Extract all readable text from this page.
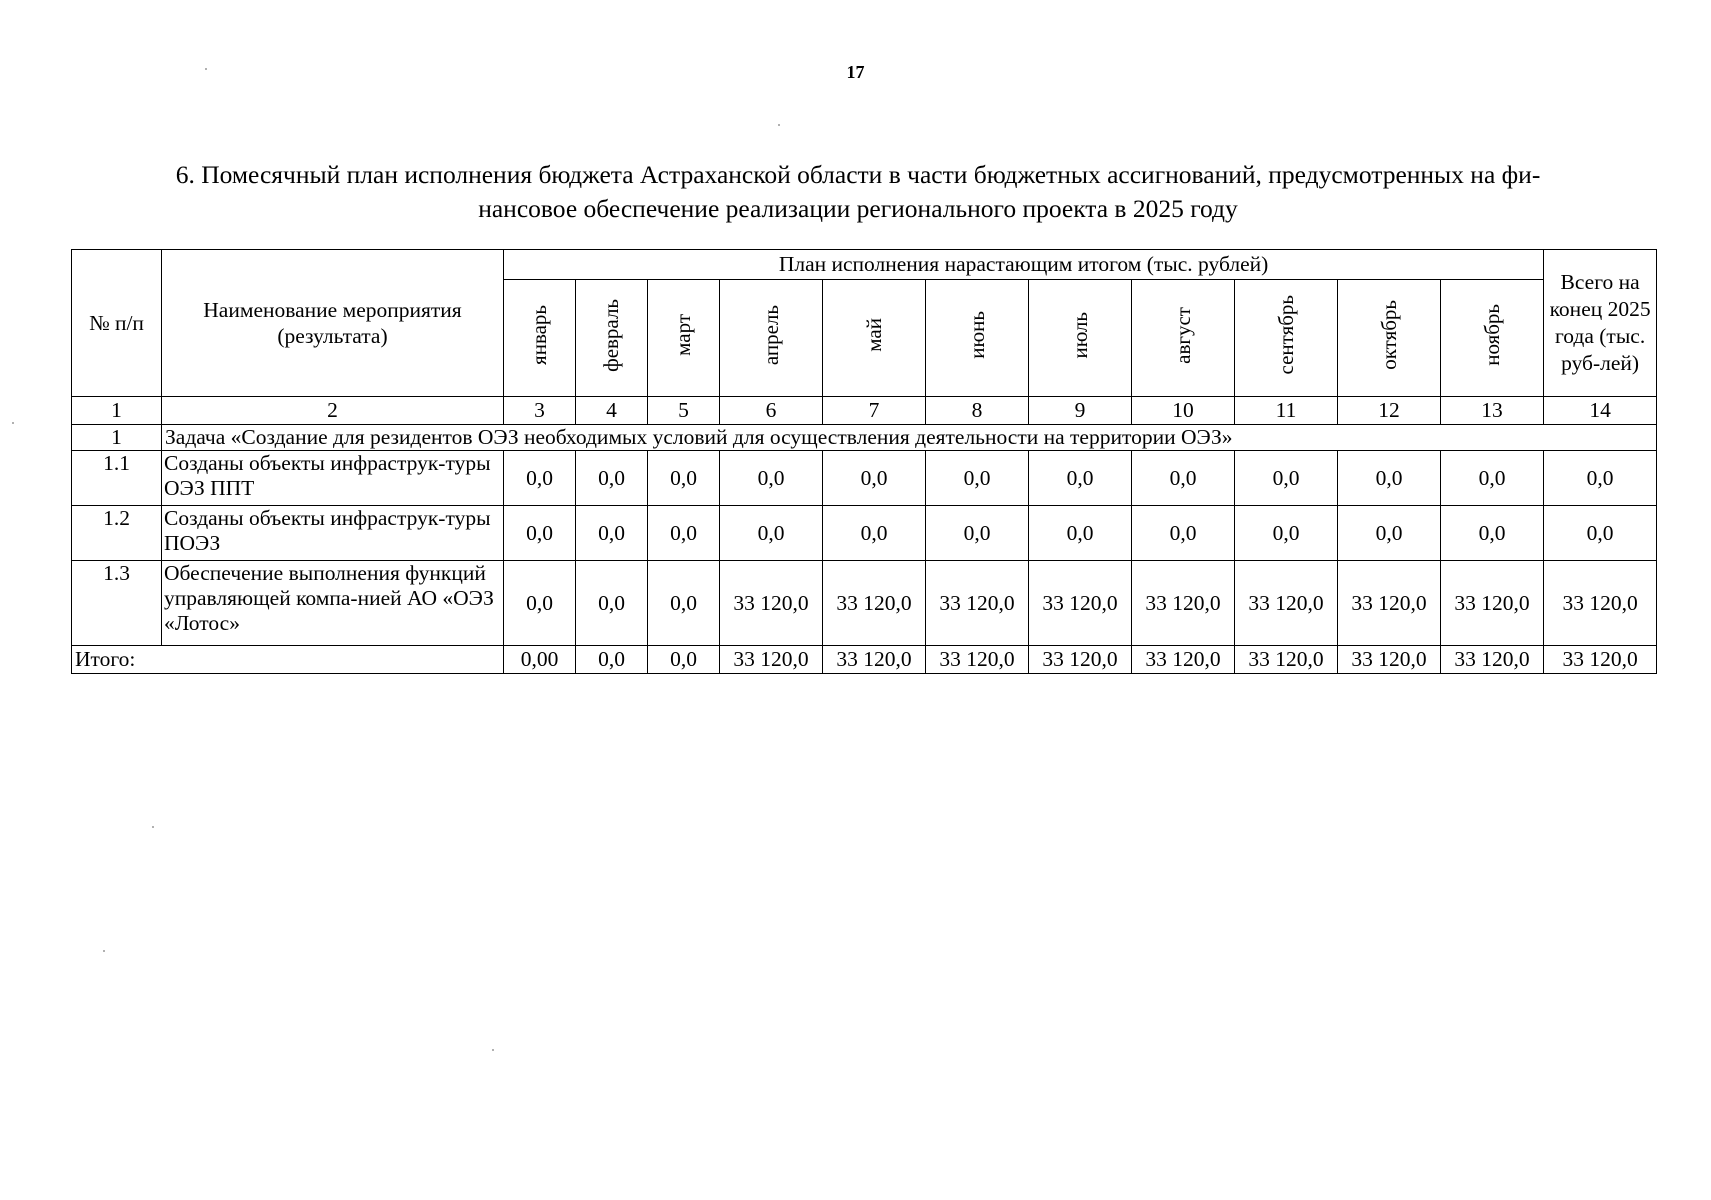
17
6. Помесячный план исполнения бюджета Астраханской области в части бюджетных ассигнований, предусмотренных на фи-
нансовое обеспечение реализации регионального проекта в 2025 году
№ п/п	Наименование мероприятия (результата)	План исполнения нарастающим итогом (тыс. рублей)											Всего на конец 2025 года (тыс. руб-лей)
		январь	февраль	март	апрель	май	июнь	июль	август	сентябрь	октябрь	ноябрь	
1	2	3	4	5	6	7	8	9	10	11	12	13	14
1	Задача «Создание для резидентов ОЭЗ необходимых условий для осуществления деятельности на территории ОЭЗ»												
1.1	Созданы объекты инфраструк-туры ОЭЗ ППТ	0,0	0,0	0,0	0,0	0,0	0,0	0,0	0,0	0,0	0,0	0,0	0,0
1.2	Созданы объекты инфраструк-туры ПОЭЗ	0,0	0,0	0,0	0,0	0,0	0,0	0,0	0,0	0,0	0,0	0,0	0,0
1.3	Обеспечение выполнения функций управляющей компа-нией АО «ОЭЗ «Лотос»	0,0	0,0	0,0	33 120,0	33 120,0	33 120,0	33 120,0	33 120,0	33 120,0	33 120,0	33 120,0	33 120,0
Итого:		0,00	0,0	0,0	33 120,0	33 120,0	33 120,0	33 120,0	33 120,0	33 120,0	33 120,0	33 120,0	33 120,0
